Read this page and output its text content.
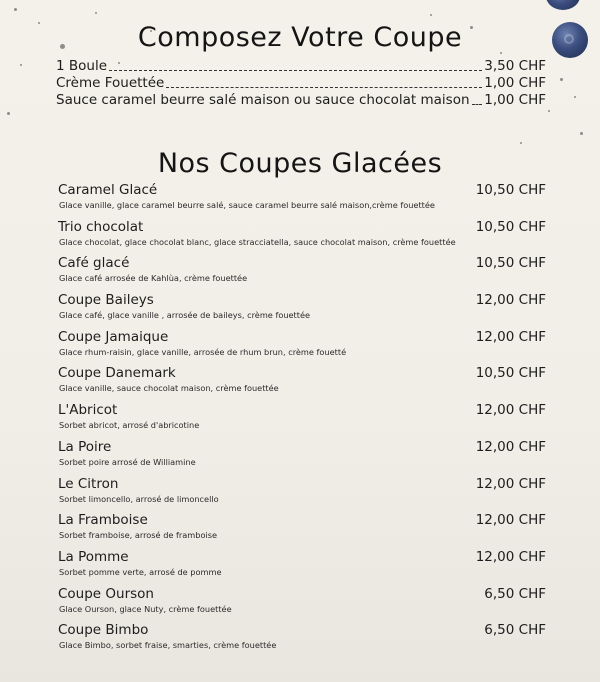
Composez Votre Coupe
1 Boule	3,50 CHF
Crème Fouettée	1,00 CHF
Sauce caramel beurre salé maison ou sauce chocolat maison 1,00 CHF
Nos Coupes Glacées
Caramel Glacé	10,50 CHF
Glace vanille, glace caramel beurre salé, sauce caramel beurre salé maison,crème fouettée
Trio chocolat	10,50 CHF
Glace chocolat, glace chocolat blanc, glace stracciatella, sauce chocolat maison, crème fouettée
Café glacé	10,50 CHF
Glace café arrosée de Kahlùa, crème fouettée
Coupe Baileys	12,00 CHF
Glace café, glace vanille , arrosée de baileys, crème fouettée
Coupe Jamaique	12,00 CHF
Glace rhum-raisin, glace vanille, arrosée de rhum brun, crème fouetté
Coupe Danemark	10,50 CHF
Glace vanille, sauce chocolat maison, crème fouettée
L'Abricot	12,00 CHF
Sorbet abricot, arrosé d'abricotine
La Poire	12,00 CHF
Sorbet poire arrosé de Williamine
Le Citron	12,00 CHF
Sorbet limoncello, arrosé de limoncello
La Framboise	12,00 CHF
Sorbet framboise, arrosé de framboise
La Pomme	12,00 CHF
Sorbet pomme verte, arrosé de pomme
Coupe Ourson	6,50 CHF
Glace Ourson, glace Nuty, crème fouettée
Coupe Bimbo	6,50 CHF
Glace Bimbo, sorbet fraise, smarties, crème fouettée
